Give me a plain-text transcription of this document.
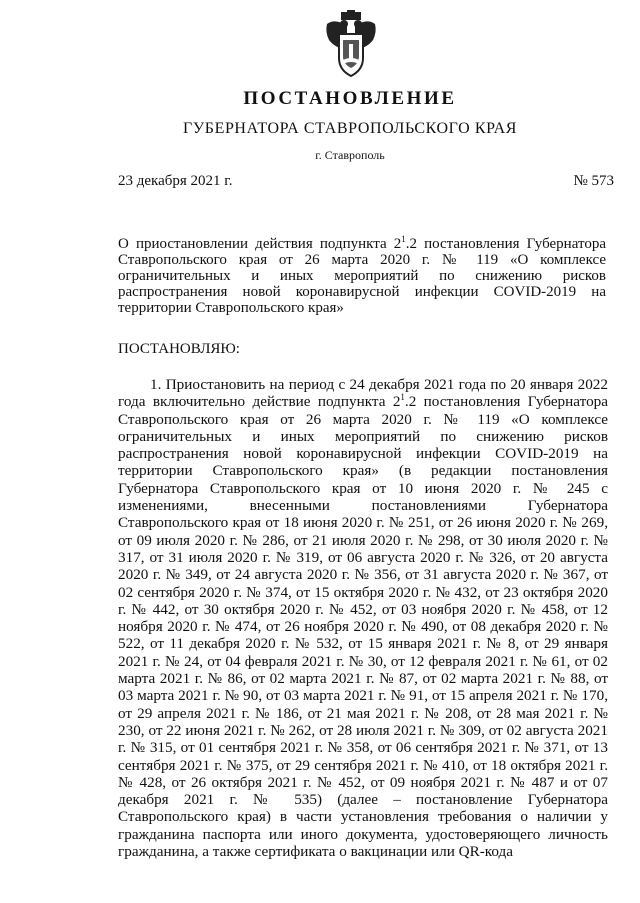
ПОСТАНОВЛЕНИЕ
ГУБЕРНАТОРА СТАВРОПОЛЬСКОГО КРАЯ
г. Ставрополь
23 декабря 2021 г.	№ 573
О приостановлении действия подпункта $2^1.2$ постановления Губернатора Ставропольского края от 26 марта 2020 г. № 119 «О комплексе ограничительных и иных мероприятий по снижению рисков распространения новой коронавирусной инфекции COVID-2019 на территории Ставропольского края»
ПОСТАНОВЛЯЮ:
1. Приостановить на период с 24 декабря 2021 года по 20 января 2022 года включительно действие подпункта $2^1.2$ постановления Губернатора Ставропольского края от 26 марта 2020 г. № 119 «О комплексе ограничительных и иных мероприятий по снижению рисков распространения новой коронавирусной инфекции COVID-2019 на территории Ставропольского края» (в редакции постановления Губернатора Ставропольского края от 10 июня 2020 г. № 245 с изменениями, внесенными постановлениями Губернатора Ставропольского края от 18 июня 2020 г. № 251, от 26 июня 2020 г. № 269, от 09 июля 2020 г. № 286, от 21 июля 2020 г. № 298, от 30 июля 2020 г. № 317, от 31 июля 2020 г. № 319, от 06 августа 2020 г. № 326, от 20 августа 2020 г. № 349, от 24 августа 2020 г. № 356, от 31 августа 2020 г. № 367, от 02 сентября 2020 г. № 374, от 15 октября 2020 г. № 432, от 23 октября 2020 г. № 442, от 30 октября 2020 г. № 452, от 03 ноября 2020 г. № 458, от 12 ноября 2020 г. № 474, от 26 ноября 2020 г. № 490, от 08 декабря 2020 г. № 522, от 11 декабря 2020 г. № 532, от 15 января 2021 г. № 8, от 29 января 2021 г. № 24, от 04 февраля 2021 г. № 30, от 12 февраля 2021 г. № 61, от 02 марта 2021 г. № 86, от 02 марта 2021 г. № 87, от 02 марта 2021 г. № 88, от 03 марта 2021 г. № 90, от 03 марта 2021 г. № 91, от 15 апреля 2021 г. № 170, от 29 апреля 2021 г. № 186, от 21 мая 2021 г. № 208, от 28 мая 2021 г. № 230, от 22 июня 2021 г. № 262, от 28 июля 2021 г. № 309, от 02 августа 2021 г. № 315, от 01 сентября 2021 г. № 358, от 06 сентября 2021 г. № 371, от 13 сентября 2021 г. № 375, от 29 сентября 2021 г. № 410, от 18 октября 2021 г. № 428, от 26 октября 2021 г. № 452, от 09 ноября 2021 г. № 487 и от 07 декабря 2021 г. № 535) (далее – постановление Губернатора Ставропольского края) в части установления требования о наличии у гражданина паспорта или иного документа, удостоверяющего личность гражданина, а также сертификата о вакцинации или QR-кода
